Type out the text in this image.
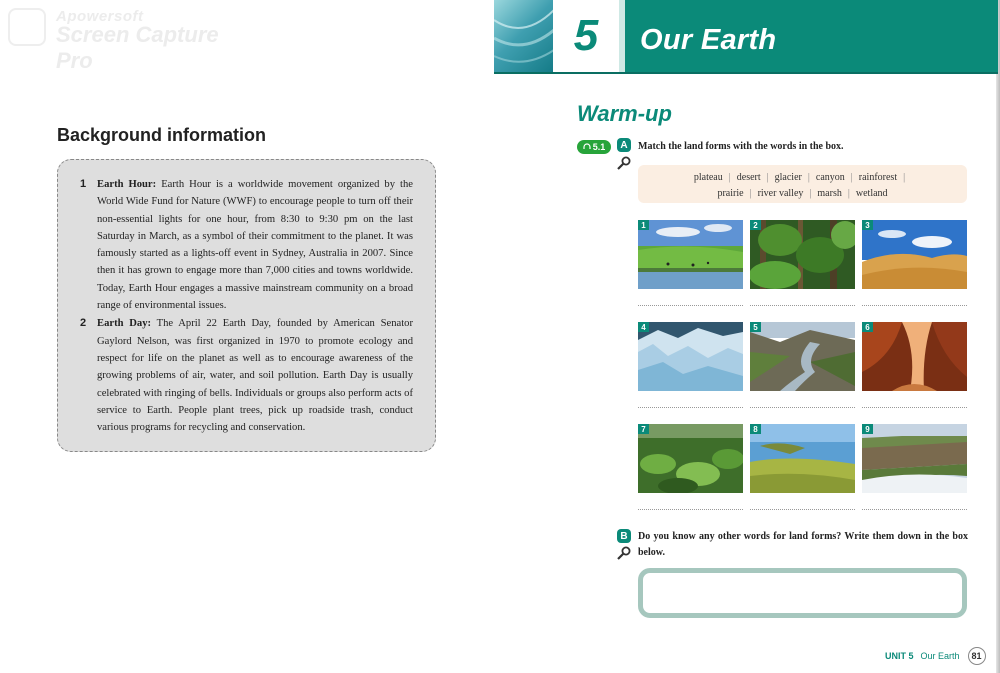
Apowersoft
Screen Capture Pro
Background information
1	Earth Hour: Earth Hour is a worldwide movement organized by the World Wide Fund for Nature (WWF) to encourage people to turn off their non-essential lights for one hour, from 8:30 to 9:30 pm on the last Saturday in March, as a symbol of their commitment to the planet. It was famously started as a lights-off event in Sydney, Australia in 2007. Since then it has grown to engage more than 7,000 cities and towns worldwide. Today, Earth Hour engages a massive mainstream community on a broad range of environmental issues.
2	Earth Day: The April 22 Earth Day, founded by American Senator Gaylord Nelson, was first organized in 1970 to promote ecology and respect for life on the planet as well as to encourage awareness of the growing problems of air, water, and soil pollution. Earth Day is usually celebrated with ringing of bells. Individuals or groups also perform acts of service to Earth. People plant trees, pick up roadside trash, conduct various programs for recycling and conservation.
5	Our Earth
Warm-up
5.1	A	Match the land forms with the words in the box.
plateau | desert | glacier | canyon | rainforest |
prairie | river valley | marsh | wetland
1	2	3
4	5	6
7	8	9
B	Do you know any other words for land forms? Write them down in the box below.
UNIT 5 Our Earth	81
